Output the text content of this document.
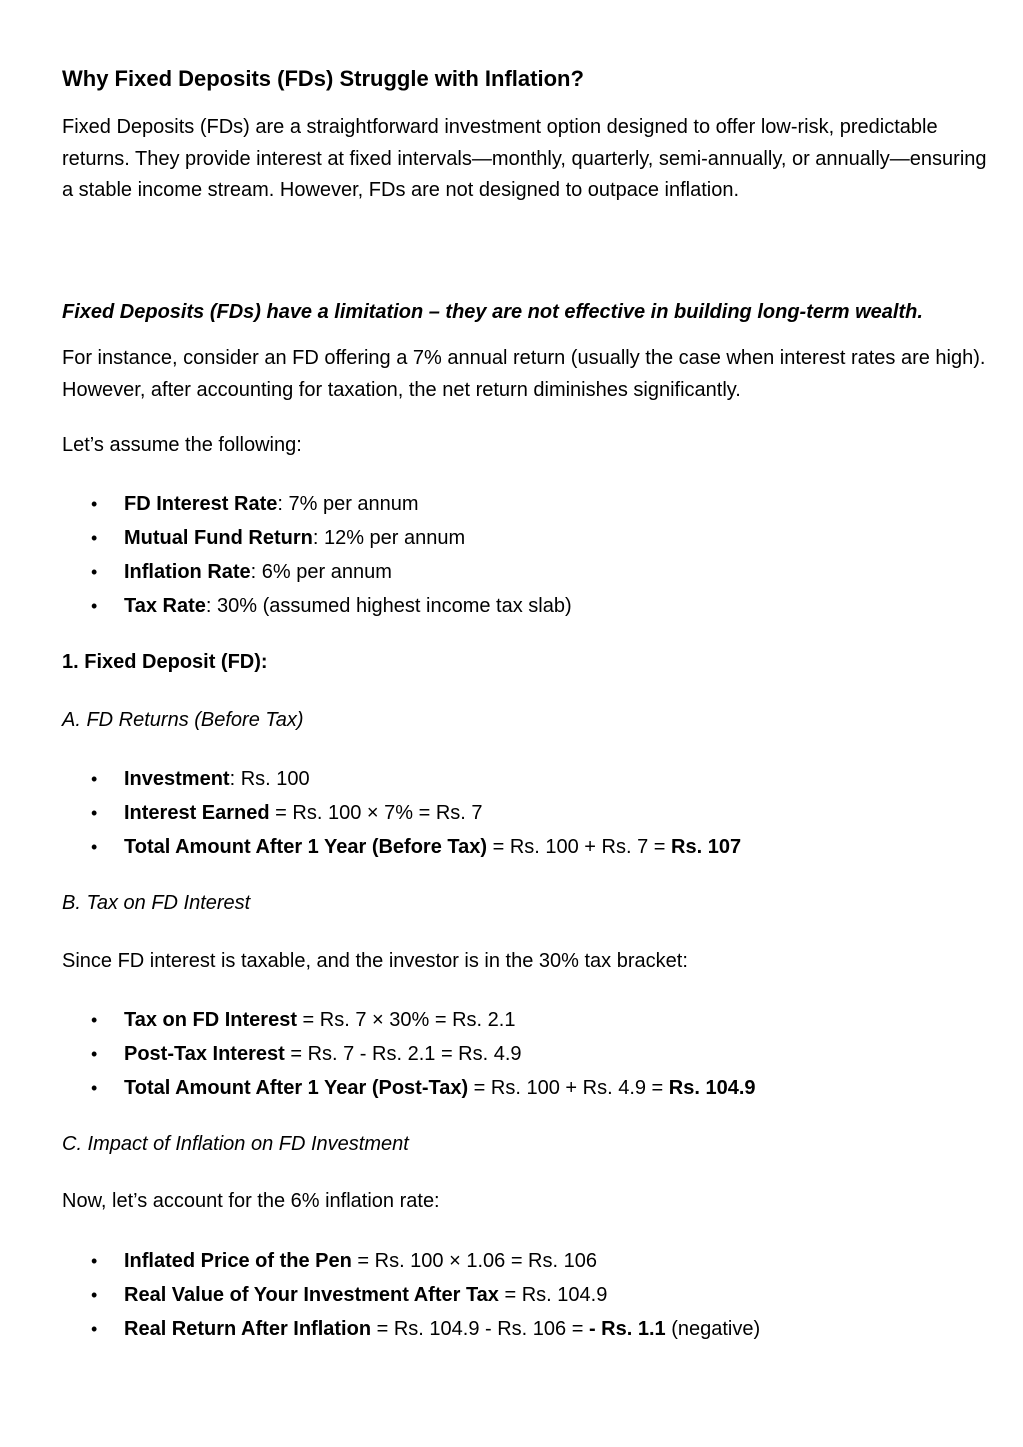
Why Fixed Deposits (FDs) Struggle with Inflation?

Fixed Deposits (FDs) are a straightforward investment option designed to offer low-risk, predictable returns. They provide interest at fixed intervals—monthly, quarterly, semi-annually, or annually—ensuring a stable income stream. However, FDs are not designed to outpace inflation.

Fixed Deposits (FDs) have a limitation – they are not effective in building long-term wealth.

For instance, consider an FD offering a 7% annual return (usually the case when interest rates are high). However, after accounting for taxation, the net return diminishes significantly.

Let’s assume the following:

• FD Interest Rate: 7% per annum
• Mutual Fund Return: 12% per annum
• Inflation Rate: 6% per annum
• Tax Rate: 30% (assumed highest income tax slab)

1. Fixed Deposit (FD):

A. FD Returns (Before Tax)

• Investment: Rs. 100
• Interest Earned = Rs. 100 × 7% = Rs. 7
• Total Amount After 1 Year (Before Tax) = Rs. 100 + Rs. 7 = Rs. 107

B. Tax on FD Interest

Since FD interest is taxable, and the investor is in the 30% tax bracket:

• Tax on FD Interest = Rs. 7 × 30% = Rs. 2.1
• Post-Tax Interest = Rs. 7 - Rs. 2.1 = Rs. 4.9
• Total Amount After 1 Year (Post-Tax) = Rs. 100 + Rs. 4.9 = Rs. 104.9

C. Impact of Inflation on FD Investment

Now, let’s account for the 6% inflation rate:

• Inflated Price of the Pen = Rs. 100 × 1.06 = Rs. 106
• Real Value of Your Investment After Tax = Rs. 104.9
• Real Return After Inflation = Rs. 104.9 - Rs. 106 = - Rs. 1.1 (negative)
